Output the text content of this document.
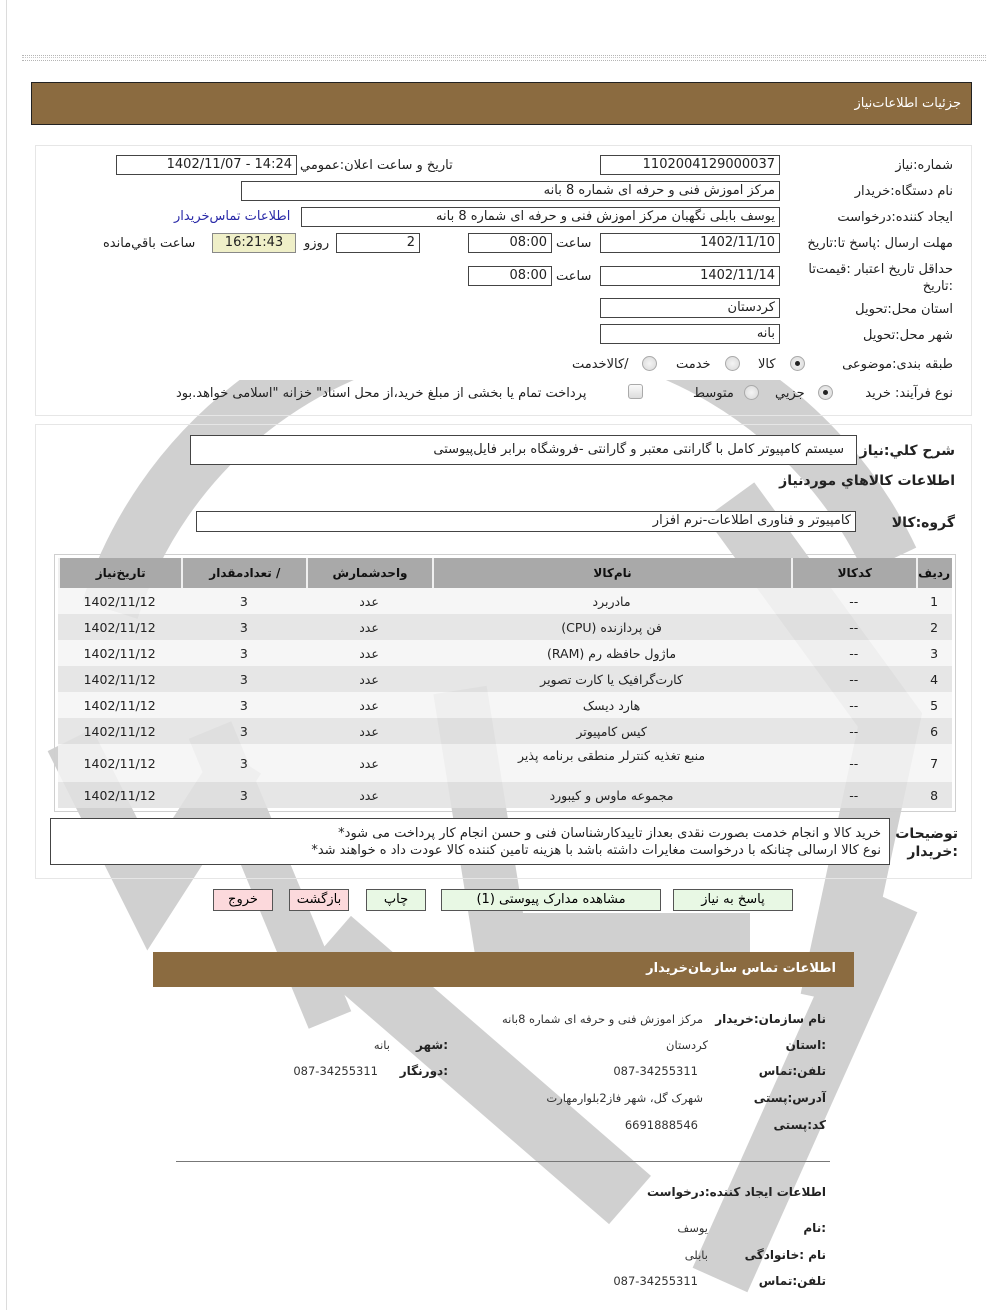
جزئيات اطلاعات‌نیاز
شماره:نیاز
1102004129000037
تاريخ و ساعت اعلان:عمومي
1402/11/07 - 14:24
نام دستگاه:خریدار
مرکز اموزش فنی و حرفه ای شماره 8 بانه
ایجاد کننده:درخواست
یوسف بابلی نگهبان مرکز اموزش فنی و حرفه ای شماره 8 بانه
اطلاعات تماس‌خریدار
مهلت ارسال :پاسخ تا:تاریخ
1402/11/10
ساعت
08:00
2
روزو
16:21:43
ساعت باقي‌مانده
حداقل تاریخ اعتبار :قیمت‌تا :تاریخ
1402/11/14
ساعت
08:00
استان محل:تحویل
کردستان
شهر محل:تحویل
بانه
طبقه بندی:موضوعی
کالا
خدمت
/کالاخدمت
نوع فرآیند: خرید
جزيي
متوسط
پرداخت تمام یا بخشی از مبلغ خرید،از محل اسناد" خزانه "اسلامی خواهد.بود
شرح کلي:نیاز
سیستم کامپیوتر کامل با گارانتی معتبر و گارانتی -فروشگاه برابر فایل‌پیوستی
اطلاعات کالاهاي موردنیاز
گروه:کالا
کامپیوتر و فناوری اطلاعات-نرم افزار
ردیف	کدکالا	نام‌کالا	واحدشمارش	/ تعدادمقدار	تاریخ‌نیاز
1	--	مادربرد	عدد	3	1402/11/12
2	--	فن پردازنده (CPU)	عدد	3	1402/11/12
3	--	ماژول حافظه رم (RAM)	عدد	3	1402/11/12
4	--	کارت‌گرافیک یا کارت تصویر	عدد	3	1402/11/12
5	--	هارد دیسک	عدد	3	1402/11/12
6	--	کیس کامپیوتر	عدد	3	1402/11/12
7	--	منبع تغذیه کنترلر منطقی برنامه پذیر	عدد	3	1402/11/12
8	--	مجموعه ماوس و کیبورد	عدد	3	1402/11/12
توضیحات :خریدار
خرید کالا و انجام خدمت بصورت نقدی بعداز تاییدکارشناسان فنی و حسن انجام کار پرداخت می شود*
نوع کالا ارسالی چنانکه با درخواست مغایرات داشته باشد با هزینه تامین کننده کالا عودت داد ه خواهند شد*
پاسخ به نیاز
مشاهده مدارک پیوستی (1)
چاپ
بازگشت
خروج
اطلاعات تماس سازمان‌خریدار
نام سازمان:خریدار
مرکز اموزش فنی و حرفه ای شماره 8بانه
:استان
کردستان
:شهر
بانه
تلفن:تماس
087-34255311
:دورنگار
087-34255311
آدرس:پستی
شهرک گل، شهر فاز2بلوارمهارت
کد:پستی
6691888546
اطلاعات ایجاد کننده:درخواست
:نام
یوسف
نام :خانوادگی
بابلی
تلفن:تماس
087-34255311
